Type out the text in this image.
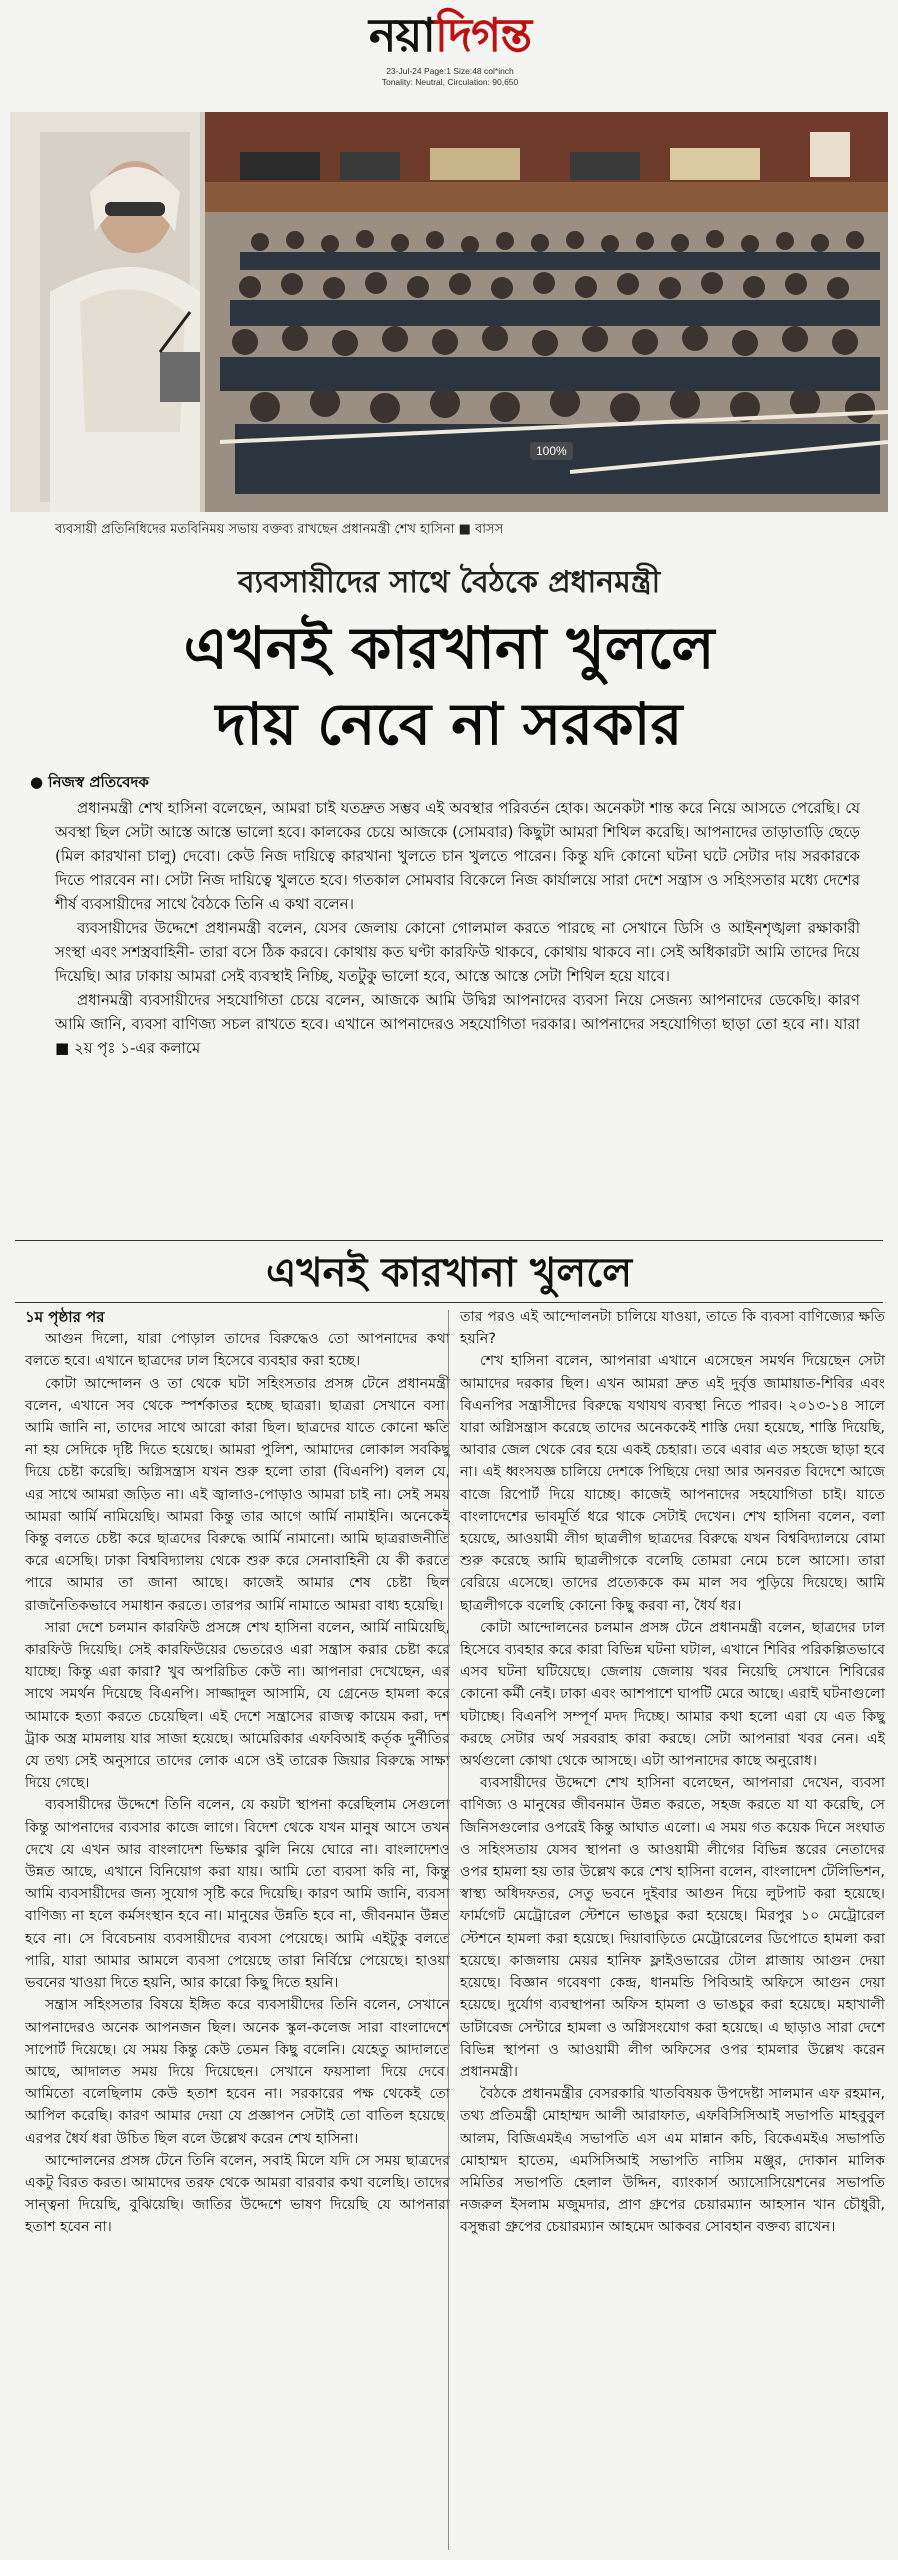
নয়াদিগন্ত
23-Jul-24 Page:1 Size:48 col*inch
Tonality: Neutral, Circulation: 90,650
100%
ব্যবসায়ী প্রতিনিধিদের মতবিনিময় সভায় বক্তব্য রাখছেন প্রধানমন্ত্রী শেখ হাসিনা ■ বাসস
ব্যবসায়ীদের সাথে বৈঠকে প্রধানমন্ত্রী
এখনই কারখানা খুললে
দায় নেবে না সরকার
● নিজস্ব প্রতিবেদক

প্রধানমন্ত্রী শেখ হাসিনা বলেছেন, আমরা চাই যতদ্রুত সম্ভব এই অবস্থার পরিবর্তন হোক। অনেকটা শান্ত করে নিয়ে আসতে পেরেছি। যে অবস্থা ছিল সেটা আস্তে আস্তে ভালো হবে। কালকের চেয়ে আজকে (সোমবার) কিছুটা আমরা শিথিল করেছি। আপনাদের তাড়াতাড়ি ছেড়ে (মিল কারখানা চালু) দেবো। কেউ নিজ দায়িত্বে কারখানা খুলতে চান খুলতে পারেন। কিন্তু যদি কোনো ঘটনা ঘটে সেটার দায় সরকারকে দিতে পারবেন না। সেটা নিজ দায়িত্বে খুলতে হবে। গতকাল সোমবার বিকেলে নিজ কার্যালয়ে সারা দেশে সন্ত্রাস ও সহিংসতার মধ্যে দেশের শীর্ষ ব্যবসায়ীদের সাথে বৈঠকে তিনি এ কথা বলেন।

ব্যবসায়ীদের উদ্দেশে প্রধানমন্ত্রী বলেন, যেসব জেলায় কোনো গোলমাল করতে পারছে না সেখানে ডিসি ও আইনশৃঙ্খলা রক্ষাকারী সংস্থা এবং সশস্ত্রবাহিনী- তারা বসে ঠিক করবে। কোথায় কত ঘণ্টা কারফিউ থাকবে, কোথায় থাকবে না। সেই অধিকারটা আমি তাদের দিয়ে দিয়েছি। আর ঢাকায় আমরা সেই ব্যবস্থাই নিচ্ছি, যতটুকু ভালো হবে, আস্তে আস্তে সেটা শিথিল হয়ে যাবে।

প্রধানমন্ত্রী ব্যবসায়ীদের সহযোগিতা চেয়ে বলেন, আজকে আমি উদ্বিগ্ন আপনাদের ব্যবসা নিয়ে সেজন্য আপনাদের ডেকেছি। কারণ আমি জানি, ব্যবসা বাণিজ্য সচল রাখতে হবে। এখানে আপনাদেরও সহযোগিতা দরকার। আপনাদের সহযোগিতা ছাড়া তো হবে না। যারা ■ ২য় পৃঃ ১-এর কলামে

এখনই কারখানা খুললে

১ম পৃষ্ঠার পর

আগুন দিলো, যারা পোড়াল তাদের বিরুদ্ধেও তো আপনাদের কথা বলতে হবে। এখানে ছাত্রদের ঢাল হিসেবে ব্যবহার করা হচ্ছে।

কোটা আন্দোলন ও তা থেকে ঘটা সহিংসতার প্রসঙ্গ টেনে প্রধানমন্ত্রী বলেন, এখানে সব থেকে স্পর্শকাতর হচ্ছে ছাত্ররা। ছাত্ররা সেখানে বসা। আমি জানি না, তাদের সাথে আরো কারা ছিল। ছাত্রদের যাতে কোনো ক্ষতি না হয় সেদিকে দৃষ্টি দিতে হয়েছে। আমরা পুলিশ, আমাদের লোকাল সবকিছু দিয়ে চেষ্টা করেছি। অগ্নিসন্ত্রাস যখন শুরু হলো তারা (বিএনপি) বলল যে, এর সাথে আমরা জড়িত না। এই জ্বালাও-পোড়াও আমরা চাই না। সেই সময় আমরা আর্মি নামিয়েছি। আমরা কিন্তু তার আগে আর্মি নামাইনি। অনেকেই কিন্তু বলতে চেষ্টা করে ছাত্রদের বিরুদ্ধে আর্মি নামানো। আমি ছাত্ররাজনীতি করে এসেছি। ঢাকা বিশ্ববিদ্যালয় থেকে শুরু করে সেনাবাহিনী যে কী করতে পারে আমার তা জানা আছে। কাজেই আমার শেষ চেষ্টা ছিল রাজনৈতিকভাবে সমাধান করতে। তারপর আর্মি নামাতে আমরা বাধ্য হয়েছি।

সারা দেশে চলমান কারফিউ প্রসঙ্গে শেখ হাসিনা বলেন, আর্মি নামিয়েছি, কারফিউ দিয়েছি। সেই কারফিউয়ের ভেতরেও এরা সন্ত্রাস করার চেষ্টা করে যাচ্ছে। কিন্তু এরা কারা? খুব অপরিচিত কেউ না। আপনারা দেখেছেন, এর সাথে সমর্থন দিয়েছে বিএনপি। সাজ্জাদুল আসামি, যে গ্রেনেড হামলা করে আমাকে হত্যা করতে চেয়েছিল। এই দেশে সন্ত্রাসের রাজত্ব কায়েম করা, দশ ট্রাক অস্ত্র মামলায় যার সাজা হয়েছে। আমেরিকার এফবিআই কর্তৃক দুর্নীতির যে তথ্য সেই অনুসারে তাদের লোক এসে ওই তারেক জিয়ার বিরুদ্ধে সাক্ষ্য দিয়ে গেছে।

ব্যবসায়ীদের উদ্দেশে তিনি বলেন, যে কয়টা স্থাপনা করেছিলাম সেগুলো কিন্তু আপনাদের ব্যবসার কাজে লাগে। বিদেশ থেকে যখন মানুষ আসে তখন দেখে যে এখন আর বাংলাদেশ ভিক্ষার ঝুলি নিয়ে ঘোরে না। বাংলাদেশও উন্নত আছে, এখানে বিনিয়োগ করা যায়। আমি তো ব্যবসা করি না, কিন্তু আমি ব্যবসায়ীদের জন্য সুযোগ সৃষ্টি করে দিয়েছি। কারণ আমি জানি, ব্যবসা বাণিজ্য না হলে কর্মসংস্থান হবে না। মানুষের উন্নতি হবে না, জীবনমান উন্নত হবে না। সে বিবেচনায় ব্যবসায়ীদের ব্যবসা পেয়েছে। আমি এইটুকু বলতে পারি, যারা আমার আমলে ব্যবসা পেয়েছে তারা নির্বিঘ্নে পেয়েছে। হাওয়া ভবনের খাওয়া দিতে হয়নি, আর কারো কিছু দিতে হয়নি।

সন্ত্রাস সহিংসতার বিষয়ে ইঙ্গিত করে ব্যবসায়ীদের তিনি বলেন, সেখানে আপনাদেরও অনেক আপনজন ছিল। অনেক স্কুল-কলেজ সারা বাংলাদেশে সাপোর্ট দিয়েছে। যে সময় কিন্তু কেউ তেমন কিছু বলেনি। যেহেতু আদালতে আছে, আদালত সময় দিয়ে দিয়েছেন। সেখানে ফয়সালা দিয়ে দেবে। আমিতো বলেছিলাম কেউ হতাশ হবেন না। সরকারের পক্ষ থেকেই তো আপিল করেছি। কারণ আমার দেয়া যে প্রজ্ঞাপন সেটাই তো বাতিল হয়েছে। এরপর ধৈর্য ধরা উচিত ছিল বলে উল্লেখ করেন শেখ হাসিনা।

আন্দোলনের প্রসঙ্গ টেনে তিনি বলেন, সবাই মিলে যদি সে সময় ছাত্রদের একটু বিরত করত। আমাদের তরফ থেকে আমরা বারবার কথা বলেছি। তাদের সান্ত্বনা দিয়েছি, বুঝিয়েছি। জাতির উদ্দেশে ভাষণ দিয়েছি যে আপনারা হতাশ হবেন না।

তার পরও এই আন্দোলনটা চালিয়ে যাওয়া, তাতে কি ব্যবসা বাণিজ্যের ক্ষতি হয়নি?

শেখ হাসিনা বলেন, আপনারা এখানে এসেছেন সমর্থন দিয়েছেন সেটা আমাদের দরকার ছিল। এখন আমরা দ্রুত এই দুর্বৃত্ত জামায়াত-শিবির এবং বিএনপির সন্ত্রাসীদের বিরুদ্ধে যথাযথ ব্যবস্থা নিতে পারব। ২০১৩-১৪ সালে যারা অগ্নিসন্ত্রাস করেছে তাদের অনেককেই শাস্তি দেয়া হয়েছে, শাস্তি দিয়েছি, আবার জেল থেকে বের হয়ে একই চেহারা। তবে এবার এত সহজে ছাড়া হবে না। এই ধ্বংসযজ্ঞ চালিয়ে দেশকে পিছিয়ে দেয়া আর অনবরত বিদেশে আজে বাজে রিপোর্ট দিয়ে যাচ্ছে। কাজেই আপনাদের সহযোগিতা চাই। যাতে বাংলাদেশের ভাবমূর্তি ধরে থাকে সেটাই দেখেন। শেখ হাসিনা বলেন, বলা হয়েছে, আওয়ামী লীগ ছাত্রলীগ ছাত্রদের বিরুদ্ধে যখন বিশ্ববিদ্যালয়ে বোমা শুরু করেছে আমি ছাত্রলীগকে বলেছি তোমরা নেমে চলে আসো। তারা বেরিয়ে এসেছে। তাদের প্রত্যেককে কম মাল সব পুড়িয়ে দিয়েছে। আমি ছাত্রলীগকে বলেছি কোনো কিছু করবা না, ধৈর্য ধর।

কোটা আন্দোলনের চলমান প্রসঙ্গ টেনে প্রধানমন্ত্রী বলেন, ছাত্রদের ঢাল হিসেবে ব্যবহার করে কারা বিভিন্ন ঘটনা ঘটাল, এখানে শিবির পরিকল্পিতভাবে এসব ঘটনা ঘটিয়েছে। জেলায় জেলায় খবর নিয়েছি সেখানে শিবিরের কোনো কর্মী নেই। ঢাকা এবং আশপাশে ঘাপটি মেরে আছে। এরাই ঘটনাগুলো ঘটাচ্ছে। বিএনপি সম্পূর্ণ মদদ দিচ্ছে। আমার কথা হলো এরা যে এত কিছু করছে সেটার অর্থ সরবরাহ কারা করছে। সেটা আপনারা খবর নেন। এই অর্থগুলো কোথা থেকে আসছে। এটা আপনাদের কাছে অনুরোধ।

ব্যবসায়ীদের উদ্দেশে শেখ হাসিনা বলেছেন, আপনারা দেখেন, ব্যবসা বাণিজ্য ও মানুষের জীবনমান উন্নত করতে, সহজ করতে যা যা করেছি, সে জিনিসগুলোর ওপরেই কিন্তু আঘাত এলো। এ সময় গত কয়েক দিনে সংঘাত ও সহিংসতায় যেসব স্থাপনা ও আওয়ামী লীগের বিভিন্ন স্তরের নেতাদের ওপর হামলা হয় তার উল্লেখ করে শেখ হাসিনা বলেন, বাংলাদেশ টেলিভিশন, স্বাস্থ্য অধিদফতর, সেতু ভবনে দুইবার আগুন দিয়ে লুটপাট করা হয়েছে। ফার্মগেট মেট্রোরেল স্টেশনে ভাঙচুর করা হয়েছে। মিরপুর ১০ মেট্রোরেল স্টেশনে হামলা করা হয়েছে। দিয়াবাড়িতে মেট্রোরেলের ডিপোতে হামলা করা হয়েছে। কাজলায় মেয়র হানিফ ফ্লাইওভারের টোল প্লাজায় আগুন দেয়া হয়েছে। বিজ্ঞান গবেষণা কেন্দ্র, ধানমন্ডি পিবিআই অফিসে আগুন দেয়া হয়েছে। দুর্যোগ ব্যবস্থাপনা অফিস হামলা ও ভাঙচুর করা হয়েছে। মহাখালী ডাটাবেজ সেন্টারে হামলা ও অগ্নিসংযোগ করা হয়েছে। এ ছাড়াও সারা দেশে বিভিন্ন স্থাপনা ও আওয়ামী লীগ অফিসের ওপর হামলার উল্লেখ করেন প্রধানমন্ত্রী।

বৈঠকে প্রধানমন্ত্রীর বেসরকারি খাতবিষয়ক উপদেষ্টা সালমান এফ রহমান, তথ্য প্রতিমন্ত্রী মোহাম্মদ আলী আরাফাত, এফবিসিসিআই সভাপতি মাহবুবুল আলম, বিজিএমইএ সভাপতি এস এম মান্নান কচি, বিকেএমইএ সভাপতি মোহাম্মদ হাতেম, এমসিসিআই সভাপতি নাসিম মঞ্জুর, দোকান মালিক সমিতির সভাপতি হেলাল উদ্দিন, ব্যাংকার্স অ্যাসোসিয়েশনের সভাপতি নজরুল ইসলাম মজুমদার, প্রাণ গ্রুপের চেয়ারম্যান আহসান খান চৌধুরী, বসুন্ধরা গ্রুপের চেয়ারম্যান আহমেদ আকবর সোবহান বক্তব্য রাখেন।
